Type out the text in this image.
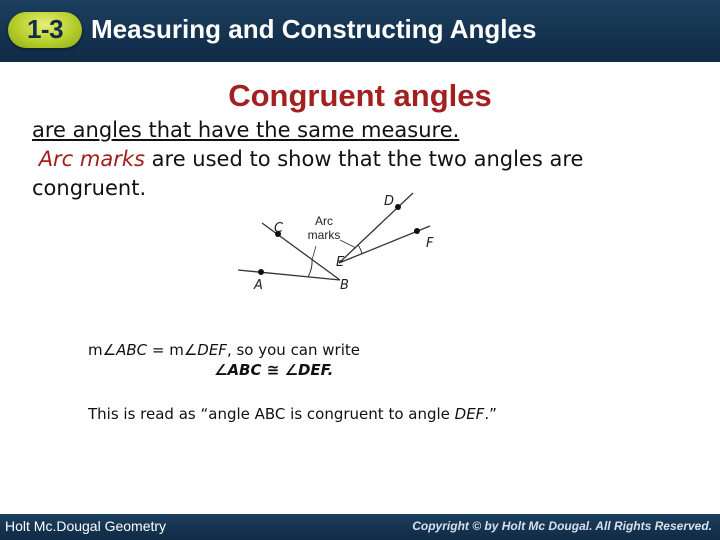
1-3	Measuring and Constructing Angles
Congruent angles
are angles that have the same measure.
Arc marks are used to show that the two angles are
congruent.
A	B
C
D
E
F
Arc
marks
m∠ABC = m∠DEF, so you can write
∠ABC ≅ ∠DEF.
This is read as “angle ABC is congruent to angle DEF.”
Holt Mc.Dougal Geometry	Copyright © by Holt Mc Dougal. All Rights Reserved.
